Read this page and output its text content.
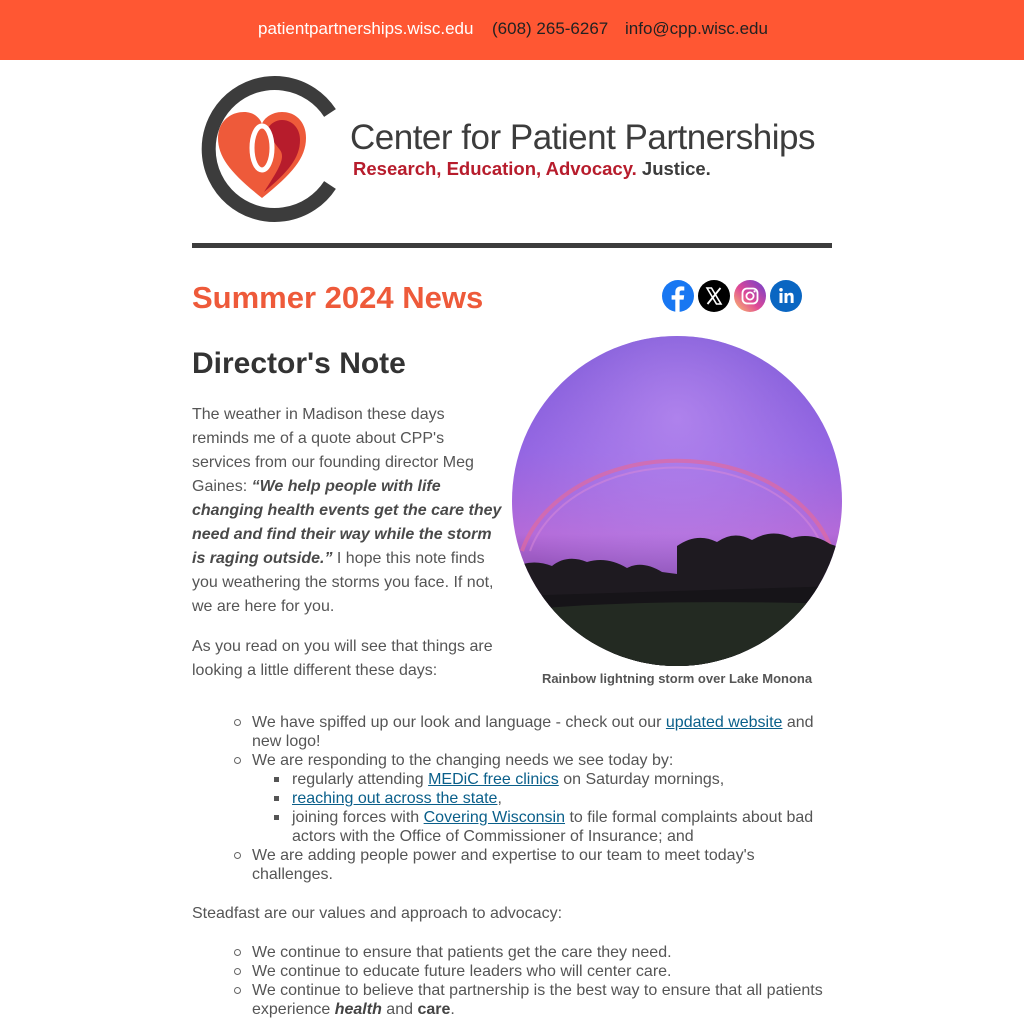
patientpartnerships.wisc.edu (608) 265-6267 info@cpp.wisc.edu
Center for Patient Partnerships
Research, Education, Advocacy. Justice.
Summer 2024 News
Director's Note
The weather in Madison these days reminds me of a quote about CPP's services from our founding director Meg Gaines: “We help people with life changing health events get the care they need and find their way while the storm is raging outside.” I hope this note finds you weathering the storms you face. If not, we are here for you.
As you read on you will see that things are looking a little different these days:	Rainbow lightning storm over Lake Monona
We have spiffed up our look and language - check out our updated website and new logo!
We are responding to the changing needs we see today by:
regularly attending MEDiC free clinics on Saturday mornings,
reaching out across the state,
joining forces with Covering Wisconsin to file formal complaints about bad actors with the Office of Commissioner of Insurance; and
We are adding people power and expertise to our team to meet today's challenges.
Steadfast are our values and approach to advocacy:
We continue to ensure that patients get the care they need.
We continue to educate future leaders who will center care.
We continue to believe that partnership is the best way to ensure that all patients experience health and care.
